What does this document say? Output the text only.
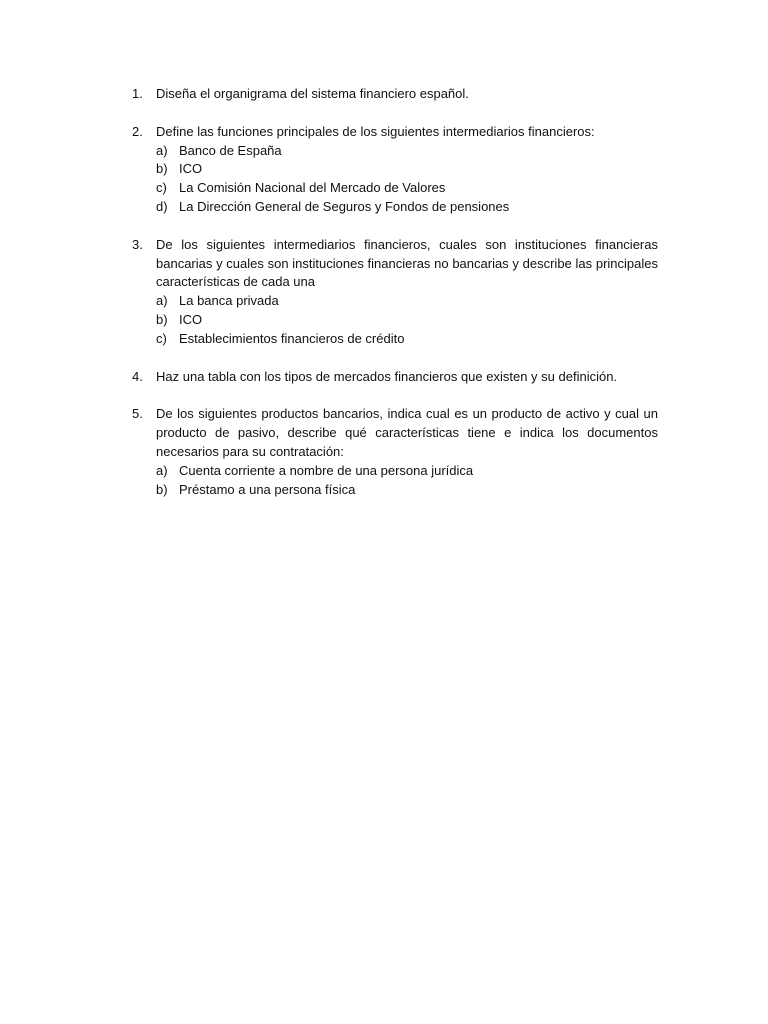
1. Diseña el organigrama del sistema financiero español.
2. Define las funciones principales de los siguientes intermediarios financieros:
a) Banco de España
b) ICO
c) La Comisión Nacional del Mercado de Valores
d) La Dirección General de Seguros y Fondos de pensiones
3. De los siguientes intermediarios financieros, cuales son instituciones financieras bancarias y cuales son instituciones financieras no bancarias y describe las principales características de cada una
a) La banca privada
b) ICO
c) Establecimientos financieros de crédito
4. Haz una tabla con los tipos de mercados financieros que existen y su definición.
5. De los siguientes productos bancarios, indica cual es un producto de activo y cual un producto de pasivo, describe qué características tiene e indica los documentos necesarios para su contratación:
a) Cuenta corriente a nombre de una persona jurídica
b) Préstamo a una persona física
